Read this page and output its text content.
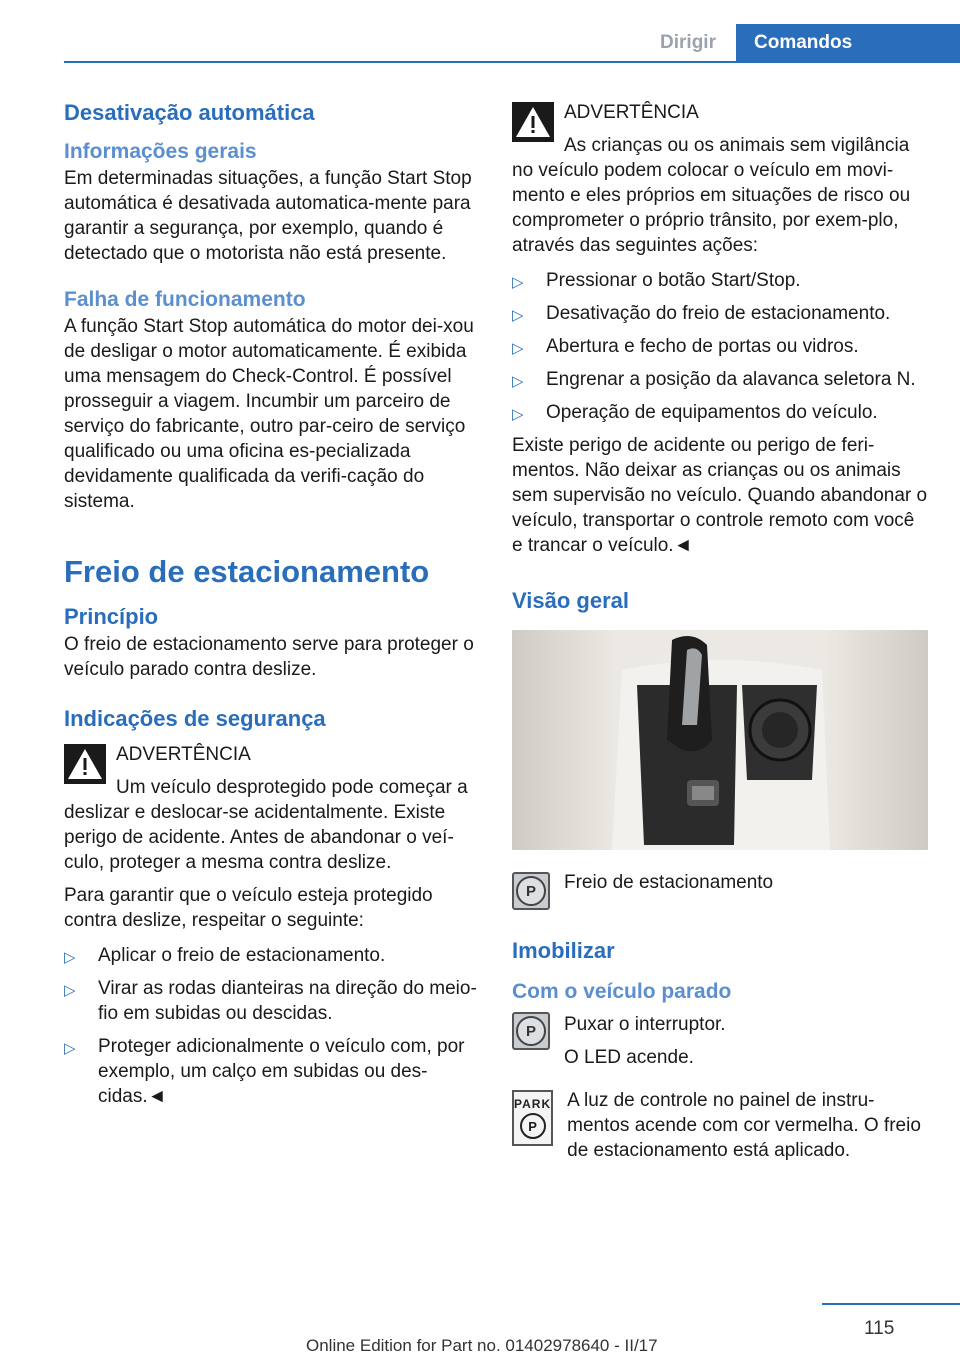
Dirigir	Comandos
Desativação automática
Informações gerais

Em determinadas situações, a função Start Stop automática é desativada automatica‐mente para garantir a segurança, por exemplo, quando é detectado que o motorista não está presente.

Falha de funcionamento

A função Start Stop automática do motor dei‐xou de desligar o motor automaticamente. É exibida uma mensagem do Check-Control. É possível prosseguir a viagem. Incumbir um parceiro de serviço do fabricante, outro par‐ceiro de serviço qualificado ou uma oficina es‐pecializada devidamente qualificada da verifi‐cação do sistema.

Freio de estacionamento
Princípio

O freio de estacionamento serve para proteger o veículo parado contra deslize.

Indicações de segurança

ADVERTÊNCIA

Um veículo desprotegido pode começar a deslizar e deslocar-se acidentalmente. Existe perigo de acidente. Antes de abandonar o veí‐culo, proteger a mesma contra deslize.

Para garantir que o veículo esteja protegido contra deslize, respeitar o seguinte:

▷ Aplicar o freio de estacionamento.
▷ Virar as rodas dianteiras na direção do meio-fio em subidas ou descidas.
▷ Proteger adicionalmente o veículo com, por exemplo, um calço em subidas ou des‐cidas.◄

ADVERTÊNCIA

As crianças ou os animais sem vigilância no veículo podem colocar o veículo em movi‐mento e eles próprios em situações de risco ou comprometer o próprio trânsito, por exem‐plo, através das seguintes ações:

▷ Pressionar o botão Start/Stop.
▷ Desativação do freio de estacionamento.
▷ Abertura e fecho de portas ou vidros.
▷ Engrenar a posição da alavanca seletora N.
▷ Operação de equipamentos do veículo.

Existe perigo de acidente ou perigo de feri‐mentos. Não deixar as crianças ou os animais sem supervisão no veículo. Quando abandonar o veículo, transportar o controle remoto com você e trancar o veículo.◄

Visão geral
P	Freio de estacionamento

Imobilizar
Com o veículo parado
P	Puxar o interruptor.

O LED acende.

PARK
P

A luz de controle no painel de instru‐mentos acende com cor vermelha. O freio de estacionamento está aplicado.

115
Online Edition for Part no. 01402978640 - II/17
